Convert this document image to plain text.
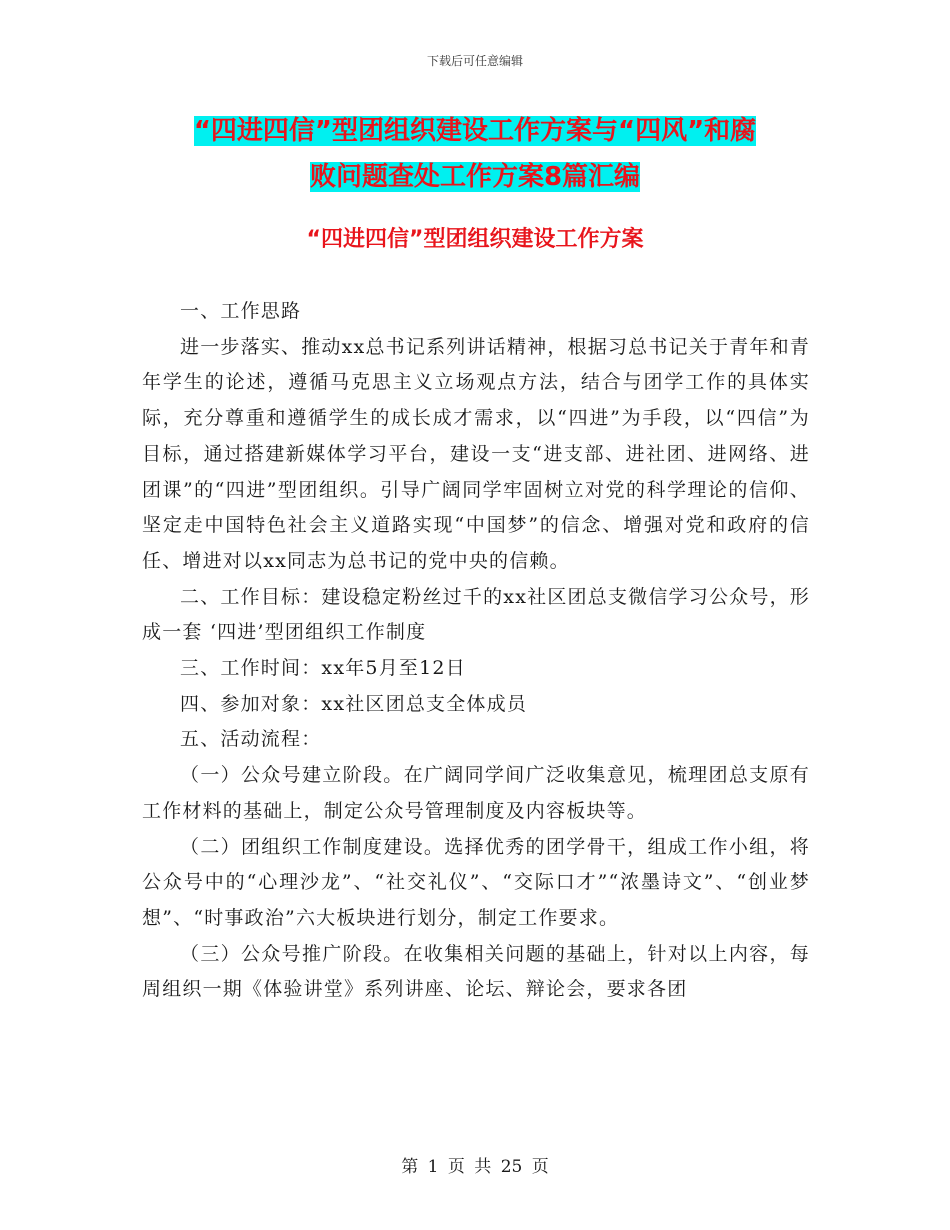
下载后可任意编辑
“四进四信”型团组织建设工作方案与“四风”和腐
败问题查处工作方案8篇汇编
“四进四信”型团组织建设工作方案

一、工作思路

进一步落实、推动xx总书记系列讲话精神，根据习总书记关于青年和青年学生的论述，遵循马克思主义立场观点方法，结合与团学工作的具体实际，充分尊重和遵循学生的成长成才需求，以“四进”为手段，以“四信”为目标，通过搭建新媒体学习平台，建设一支“进支部、进社团、进网络、进团课”的“四进”型团组织。引导广阔同学牢固树立对党的科学理论的信仰、坚定走中国特色社会主义道路实现“中国梦”的信念、增强对党和政府的信任、增进对以xx同志为总书记的党中央的信赖。

二、工作目标：建设稳定粉丝过千的xx社区团总支微信学习公众号，形成一套 ‘四进’型团组织工作制度

三、工作时间：xx年5月至12日

四、参加对象：xx社区团总支全体成员

五、活动流程：

（一）公众号建立阶段。在广阔同学间广泛收集意见，梳理团总支原有工作材料的基础上，制定公众号管理制度及内容板块等。

（二）团组织工作制度建设。选择优秀的团学骨干，组成工作小组，将公众号中的“心理沙龙”、“社交礼仪”、“交际口才”“浓墨诗文”、“创业梦想”、“时事政治”六大板块进行划分，制定工作要求。

（三）公众号推广阶段。在收集相关问题的基础上，针对以上内容，每周组织一期《体验讲堂》系列讲座、论坛、辩论会，要求各团

第 1 页 共 25 页
